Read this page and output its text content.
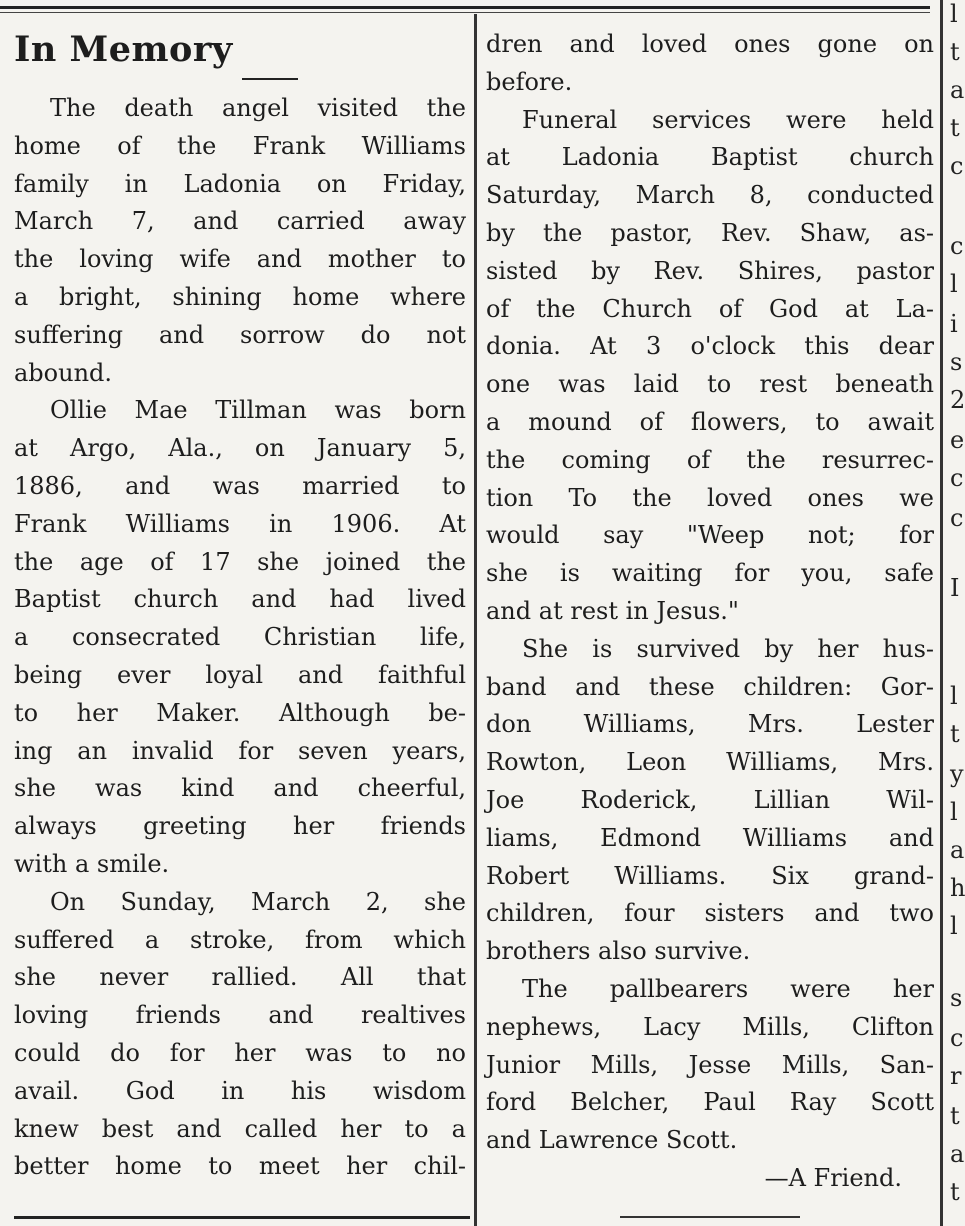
In Memory
The death angel visited the
home of the Frank Williams
family in Ladonia on Friday,
March 7, and carried away
the loving wife and mother to
a bright, shining home where
suffering and sorrow do not
abound.
Ollie Mae Tillman was born
at Argo, Ala., on January 5,
1886, and was married to
Frank Williams in 1906. At
the age of 17 she joined the
Baptist church and had lived
a consecrated Christian life,
being ever loyal and faithful
to her Maker. Although be-
ing an invalid for seven years,
she was kind and cheerful,
always greeting her friends
with a smile.
On Sunday, March 2, she
suffered a stroke, from which
she never rallied. All that
loving friends and realtives
could do for her was to no
avail. God in his wisdom
knew best and called her to a
better home to meet her chil-
dren and loved ones gone on
before.
Funeral services were held
at Ladonia Baptist church
Saturday, March 8, conducted
by the pastor, Rev. Shaw, as-
sisted by Rev. Shires, pastor
of the Church of God at La-
donia. At 3 o'clock this dear
one was laid to rest beneath
a mound of flowers, to await
the coming of the resurrec-
tion To the loved ones we
would say "Weep not; for
she is waiting for you, safe
and at rest in Jesus."
She is survived by her hus-
band and these children: Gor-
don Williams, Mrs. Lester
Rowton, Leon Williams, Mrs.
Joe Roderick, Lillian Wil-
liams, Edmond Williams and
Robert Williams. Six grand-
children, four sisters and two
brothers also survive.
The pallbearers were her
nephews, Lacy Mills, Clifton
Junior Mills, Jesse Mills, San-
ford Belcher, Paul Ray Scott
and Lawrence Scott.
—A Friend.
l
t
a
t
c
c
l
i
s
2
e
c
c
I
l
t
y
l
a
h
l
s
c
r
t
a
t
